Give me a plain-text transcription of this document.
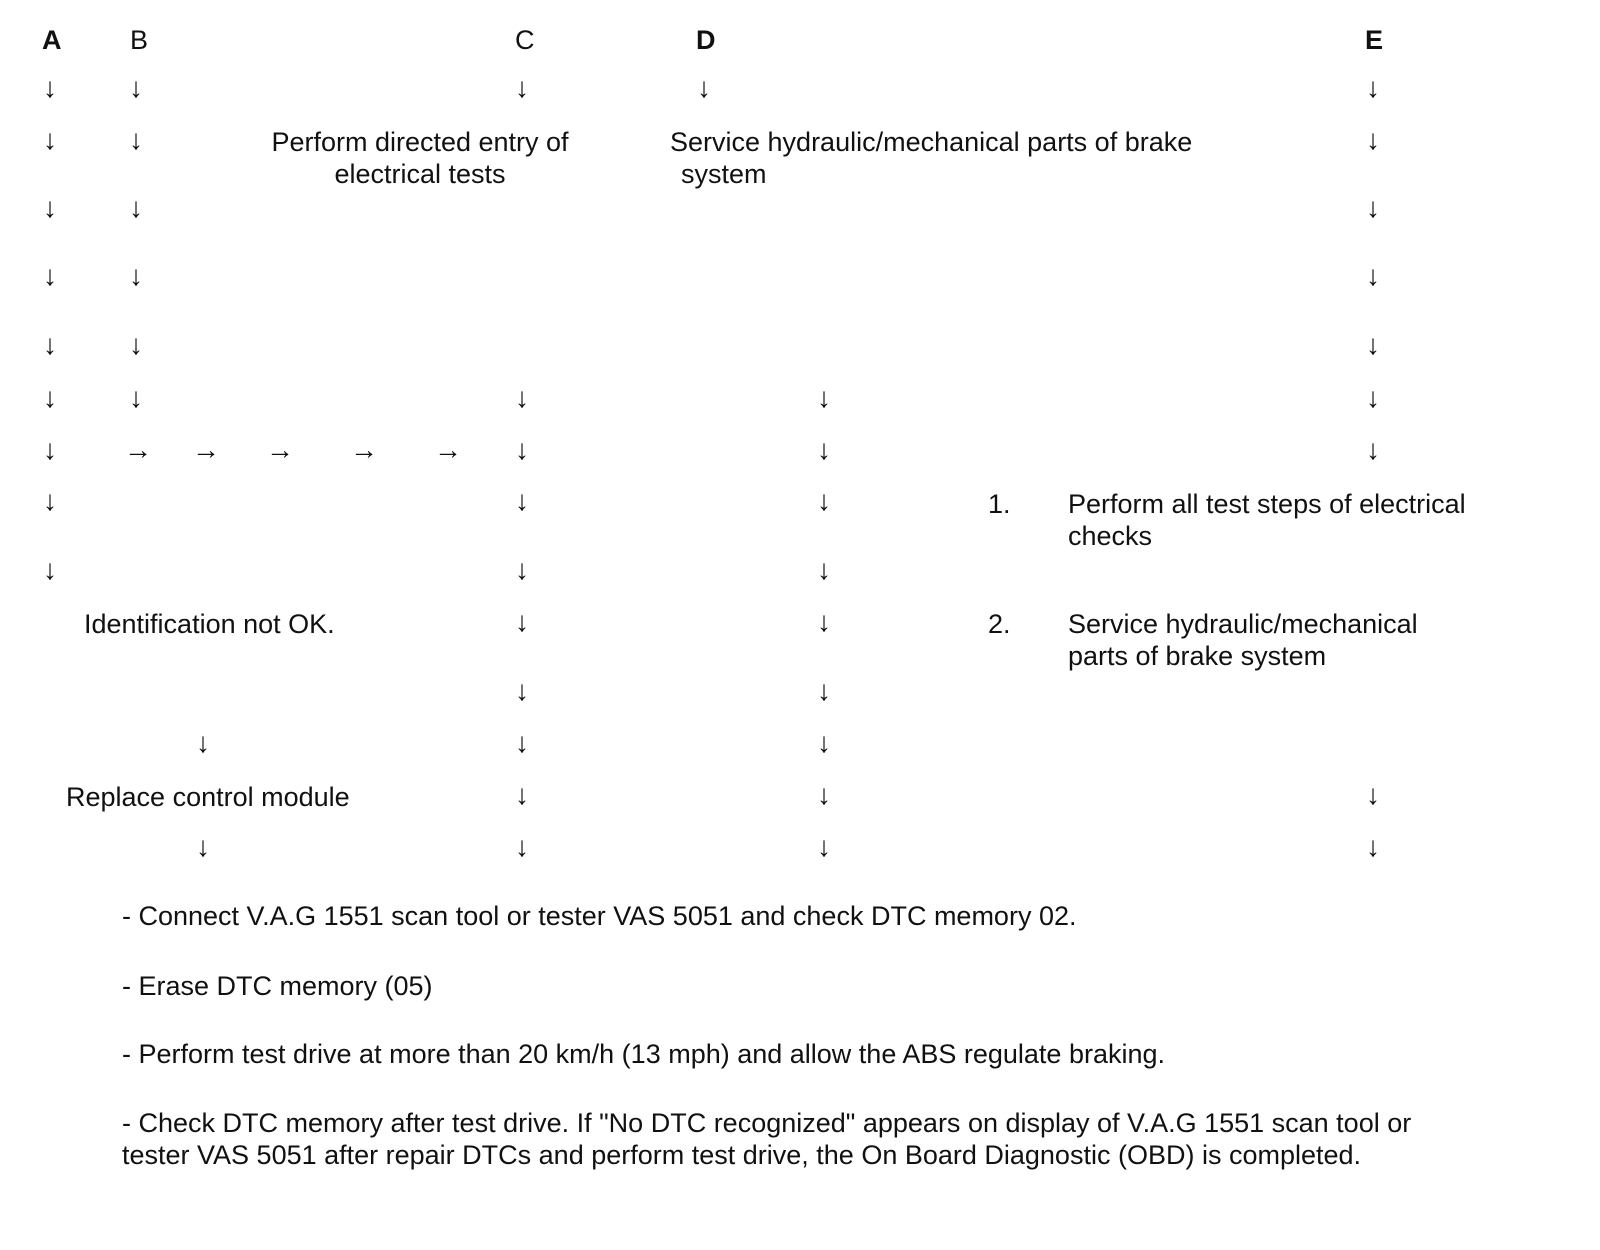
A	B	C	D	E
Perform directed entry of
electrical tests
Service hydraulic/mechanical parts of brake
system
1. Perform all test steps of electrical
checks
2. Service hydraulic/mechanical
parts of brake system
Identification not OK.
Replace control module
- Connect V.A.G 1551 scan tool or tester VAS 5051 and check DTC memory 02.
- Erase DTC memory (05)
- Perform test drive at more than 20 km/h (13 mph) and allow the ABS regulate braking.
- Check DTC memory after test drive. If "No DTC recognized" appears on display of V.A.G 1551 scan tool or
tester VAS 5051 after repair DTCs and perform test drive, the On Board Diagnostic (OBD) is completed.
↓
↓
↓
↓
↓
↓
↓
↓
↓
↓
↓
↓
↓
↓
↓
→ → → → →
↓
↓
↓
↓
↓
↓
↓
↓
↓
↓
↓
↓
↓
↓
↓
↓
↓
↓
↓
↓
↓
↓
↓
↓
↓
↓
↓
↓
↓
↓
↓
